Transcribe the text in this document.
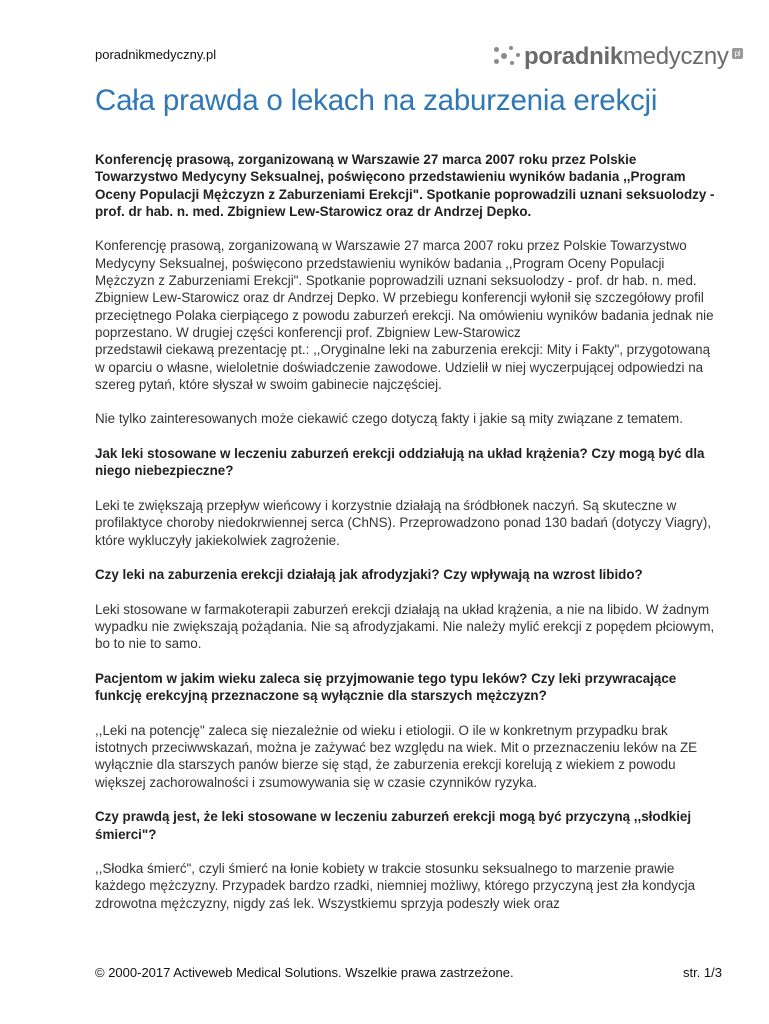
poradnikmedyczny.pl	poradnikmedyczny pl
Cała prawda o lekach na zaburzenia erekcji

Konferencję prasową, zorganizowaną w Warszawie 27 marca 2007 roku przez Polskie Towarzystwo Medycyny Seksualnej, poświęcono przedstawieniu wyników badania ,,Program Oceny Populacji Mężczyzn z Zaburzeniami Erekcji". Spotkanie poprowadzili uznani seksuolodzy - prof. dr hab. n. med. Zbigniew Lew-Starowicz oraz dr Andrzej Depko.

Konferencję prasową, zorganizowaną w Warszawie 27 marca 2007 roku przez Polskie Towarzystwo Medycyny Seksualnej, poświęcono przedstawieniu wyników badania ,,Program Oceny Populacji Mężczyzn z Zaburzeniami Erekcji". Spotkanie poprowadzili uznani seksuolodzy - prof. dr hab. n. med. Zbigniew Lew-Starowicz oraz dr Andrzej Depko. W przebiegu konferencji wyłonił się szczegółowy profil przeciętnego Polaka cierpiącego z powodu zaburzeń erekcji. Na omówieniu wyników badania jednak nie poprzestano. W drugiej części konferencji prof. Zbigniew Lew-Starowicz

przedstawił ciekawą prezentację pt.: ,,Oryginalne leki na zaburzenia erekcji: Mity i Fakty", przygotowaną w oparciu o własne, wieloletnie doświadczenie zawodowe. Udzielił w niej wyczerpującej odpowiedzi na szereg pytań, które słyszał w swoim gabinecie najczęściej.

Nie tylko zainteresowanych może ciekawić czego dotyczą fakty i jakie są mity związane z tematem.

Jak leki stosowane w leczeniu zaburzeń erekcji oddziałują na układ krążenia? Czy mogą być dla niego niebezpieczne?

Leki te zwiększają przepływ wieńcowy i korzystnie działają na śródbłonek naczyń. Są skuteczne w profilaktyce choroby niedokrwiennej serca (ChNS). Przeprowadzono ponad 130 badań (dotyczy Viagry), które wykluczyły jakiekolwiek zagrożenie.

Czy leki na zaburzenia erekcji działają jak afrodyzjaki? Czy wpływają na wzrost libido?

Leki stosowane w farmakoterapii zaburzeń erekcji działają na układ krążenia, a nie na libido. W żadnym wypadku nie zwiększają pożądania. Nie są afrodyzjakami. Nie należy mylić erekcji z popędem płciowym, bo to nie to samo.

Pacjentom w jakim wieku zaleca się przyjmowanie tego typu leków? Czy leki przywracające funkcję erekcyjną przeznaczone są wyłącznie dla starszych mężczyzn?

,,Leki na potencję" zaleca się niezależnie od wieku i etiologii. O ile w konkretnym przypadku brak istotnych przeciwwskazań, można je zażywać bez względu na wiek. Mit o przeznaczeniu leków na ZE wyłącznie dla starszych panów bierze się stąd, że zaburzenia erekcji korelują z wiekiem z powodu większej zachorowalności i zsumowywania się w czasie czynników ryzyka.

Czy prawdą jest, że leki stosowane w leczeniu zaburzeń erekcji mogą być przyczyną ,,słodkiej śmierci"?

,,Słodka śmierć", czyli śmierć na łonie kobiety w trakcie stosunku seksualnego to marzenie prawie każdego mężczyzny. Przypadek bardzo rzadki, niemniej możliwy, którego przyczyną jest zła kondycja zdrowotna mężczyzny, nigdy zaś lek. Wszystkiemu sprzyja podeszły wiek oraz

© 2000-2017 Activeweb Medical Solutions. Wszelkie prawa zastrzeżone.	str. 1/3
